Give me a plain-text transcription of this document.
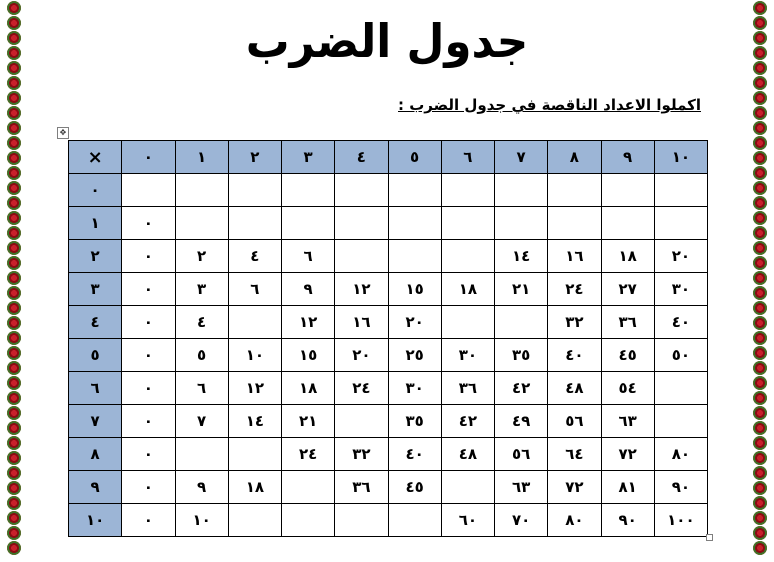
جدول الضرب
اكملوا الاعداد الناقصة في جدول الضرب :
✥
×	٠	١	٢	٣	٤	٥	٦	٧	٨	٩	١٠
٠											
١	٠										
٢	٠	٢	٤	٦				١٤	١٦	١٨	٢٠
٣	٠	٣	٦	٩	١٢	١٥	١٨	٢١	٢٤	٢٧	٣٠
٤	٠	٤		١٢	١٦	٢٠			٣٢	٣٦	٤٠
٥	٠	٥	١٠	١٥	٢٠	٢٥	٣٠	٣٥	٤٠	٤٥	٥٠
٦	٠	٦	١٢	١٨	٢٤	٣٠	٣٦	٤٢	٤٨	٥٤	
٧	٠	٧	١٤	٢١		٣٥	٤٢	٤٩	٥٦	٦٣	
٨	٠			٢٤	٣٢	٤٠	٤٨	٥٦	٦٤	٧٢	٨٠
٩	٠	٩	١٨		٣٦	٤٥		٦٣	٧٢	٨١	٩٠
١٠	٠	١٠					٦٠	٧٠	٨٠	٩٠	١٠٠
